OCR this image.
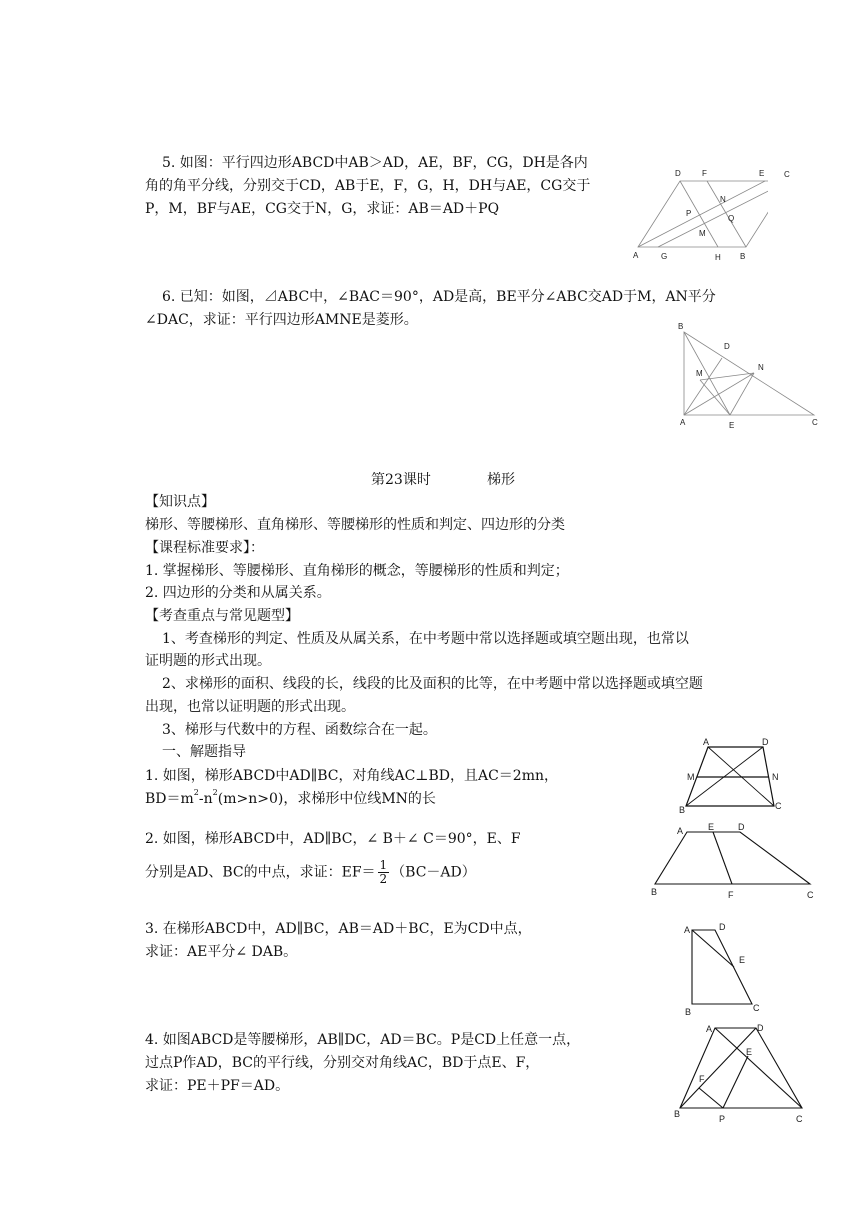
5. 如图：平行四边形ABCD中AB＞AD，AE，BF，CG，DH是各内
角的角平分线，分别交于CD，AB于E，F，G，H，DH与AE，CG交于
P，M，BF与AE，CG交于N，G，求证：AB＝AD＋PQ
D	F	E
N
P
Q
M
A	G	H B
C
6. 已知：如图，⊿ABC中，∠BAC＝90°，AD是高，BE平分∠ABC交AD于M，AN平分
∠DAC，求证：平行四边形AMNE是菱形。	B
D
N
M
A	E	C
第23课时	梯形
【知识点】
梯形、等腰梯形、直角梯形、等腰梯形的性质和判定、四边形的分类
【课程标准要求】：
1. 掌握梯形、等腰梯形、直角梯形的概念，等腰梯形的性质和判定；
2. 四边形的分类和从属关系。
【考查重点与常见题型】
1、考查梯形的判定、性质及从属关系，在中考题中常以选择题或填空题出现，也常以
证明题的形式出现。
2、求梯形的面积、线段的长，线段的比及面积的比等，在中考题中常以选择题或填空题
出现，也常以证明题的形式出现。
3、梯形与代数中的方程、函数综合在一起。
一、解题指导
1. 如图，梯形ABCD中AD∥BC，对角线AC⊥BD，且AC＝2mn，
$BD=m^2-n^2(m>n>0)$，求梯形中位线MN的长
A	D
M	N
B	C
2. 如图，梯形ABCD中，AD∥BC，∠ B＋∠ C＝90°，E、F
分别是AD、BC的中点，求证：$EF= \frac{1}{2} (BC-AD)$
A	E	D
B	F	C
3. 在梯形ABCD中，AD∥BC，AB＝AD＋BC，E为CD中点，
求证：AE平分∠ DAB。
A	D
E
B	C
4. 如图ABCD是等腰梯形，AB∥DC，AD＝BC。P是CD上任意一点，
过点P作AD，BC的平行线，分别交对角线AC，BD于点E、F，
求证：PE＋PF＝AD。
A	D
E
F
B	P	C
